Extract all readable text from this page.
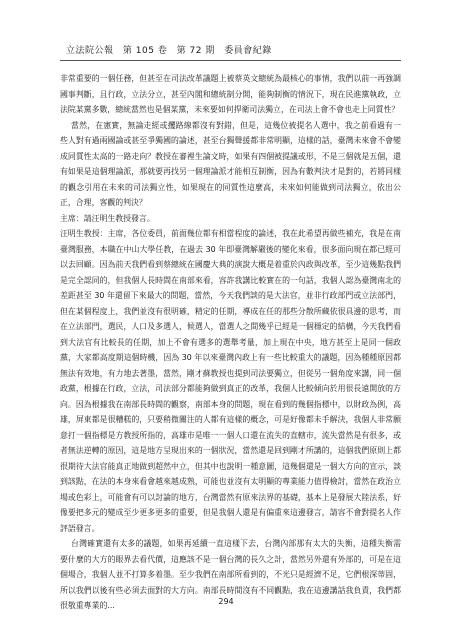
立法院公報 第 105 卷 第 72 期 委員會紀錄

非常重要的一個任務，但甚至在司法改革議題上被蔡英文總統為最核心的事情，我們以前一再強調國事判斷，且行政，立法分立，甚至內閣和總統制分開，能夠制衡的情況下，現在民進黨執政，立法院某黨多數，總統當然也是個某黨，未來要如何捍衛司法獨立，在司法上會不會也走上同質性？

當然，在憲實，無論走經或攫路線都沒有對錯，但是，這幾位被提名人選中，我之前看過有一些人對有過兩國論或甚至爭獨國的論述，甚至台獨聲援都非常明顯，這樣的話，臺灣未來會不會變成同質性太高的一路走向？教授在審裡生論文時，如果有四個被提議或形，不是三個就是五個，還有如果是這個理論派，那就要再找另一個理論派才能相互制衡，因為有數判決才是對的，若將同樣的觀念引用在未來的司法獨立性，如果現在的同質性這麼高，未來如何能做到司法獨立，依出公正，合理，客觀的判決？

主席：請汪明生教授發言。

汪明生教授：主席，各位委員，前面幾位都有相當程度的論述，我在此希望再做些補充，我是在南臺灣服務，本職在中山大學任教，在過去 30 年即臺灣解嚴後的變化來看，很多面向現在都已經可以去回顧。因為前天我們看到蔡總統在國慶大典的演說大概是着重於內政與改革，至少這幾點我們是完全認同的，但我個人長時間在南部來看，容許我講比較實在的一句話，我個人認為臺灣南北的差距甚至 30 年還留下來最大的問題，當然，今天我們談的是大法官，並非行政部門或立法部門，但在某個程度上，我們並沒有很明確，精定的任期，導成在任的那些分散所藏依很具邊的思考，而在立法部門，選民，人口及多選人，候選人，當選人之間幾乎已經是一個穩定的結構，今天我們看到大法官有比較長的任期，加上不會有選多的選舉考量，加上現在中央，地方甚至上是同一個政黨，大家都高度期這個時機，因為 30 年以來臺灣內政上有一些比較重大的議題，因為種種原因都無法有效地，有力地去著墨，當然，剛才蘇教授也提到司法要獨立，但從另一個角度來講，同一個政黨，根據在行政，立法，司法部分都能夠做到真正的改革，我個人比較傾向於用很長遠開放的方向。因為根據我在南部長時間的觀察，南部本身的問題，現在看到的幾個指標中，以財政為例，高雄，屏東都是很糟糕的，只要稍微關注的人都有這樣的概念，可是好像都未手解決，我個人非常願意打一個指標是方教授所指的，高雄市是唯一一個人口還在流失的直轄市，流失當然是有很多，或者無法逆轉的原因，這是地方呈現出來的一個狀況，當然還是回到剛才所講的，這個我們原則上都很期待大法官能真正地做到超然中立，但其中也說明一種意圖，這幾個還是一個大方向的宣示，談到該點，在法的本身來看會越來越成熟，可能也並沒有太明顯的專業能力值得檢討，當然在政治立場或色彩上，可能會有可以討論的地方，台灣當然有原來法界的基礎，基本上是發展大陸法系，好像要把多元的變成至少更多更多的重要，但是我個人還是有偏重來這邊發言，請容不會對提名人作評語發言。

台灣確實還有太多的議題，如果再延續一直這樣下去，台灣內部那有太大的失衡，這種失衡需要什麼的大方的眼界去看代價，這應該不是一個台灣的長久之計，當然另外還有外部的，可是在這個場合，我個人並不打算多着墨。至少我們在南部所看到的，不光只是經濟不足，它們根深蒂固，所以我們以後有些必須去面對的大方向。南部長時間沒有不同觀點，我在這邊講話我負責，我們都很敬重專業的...	294
